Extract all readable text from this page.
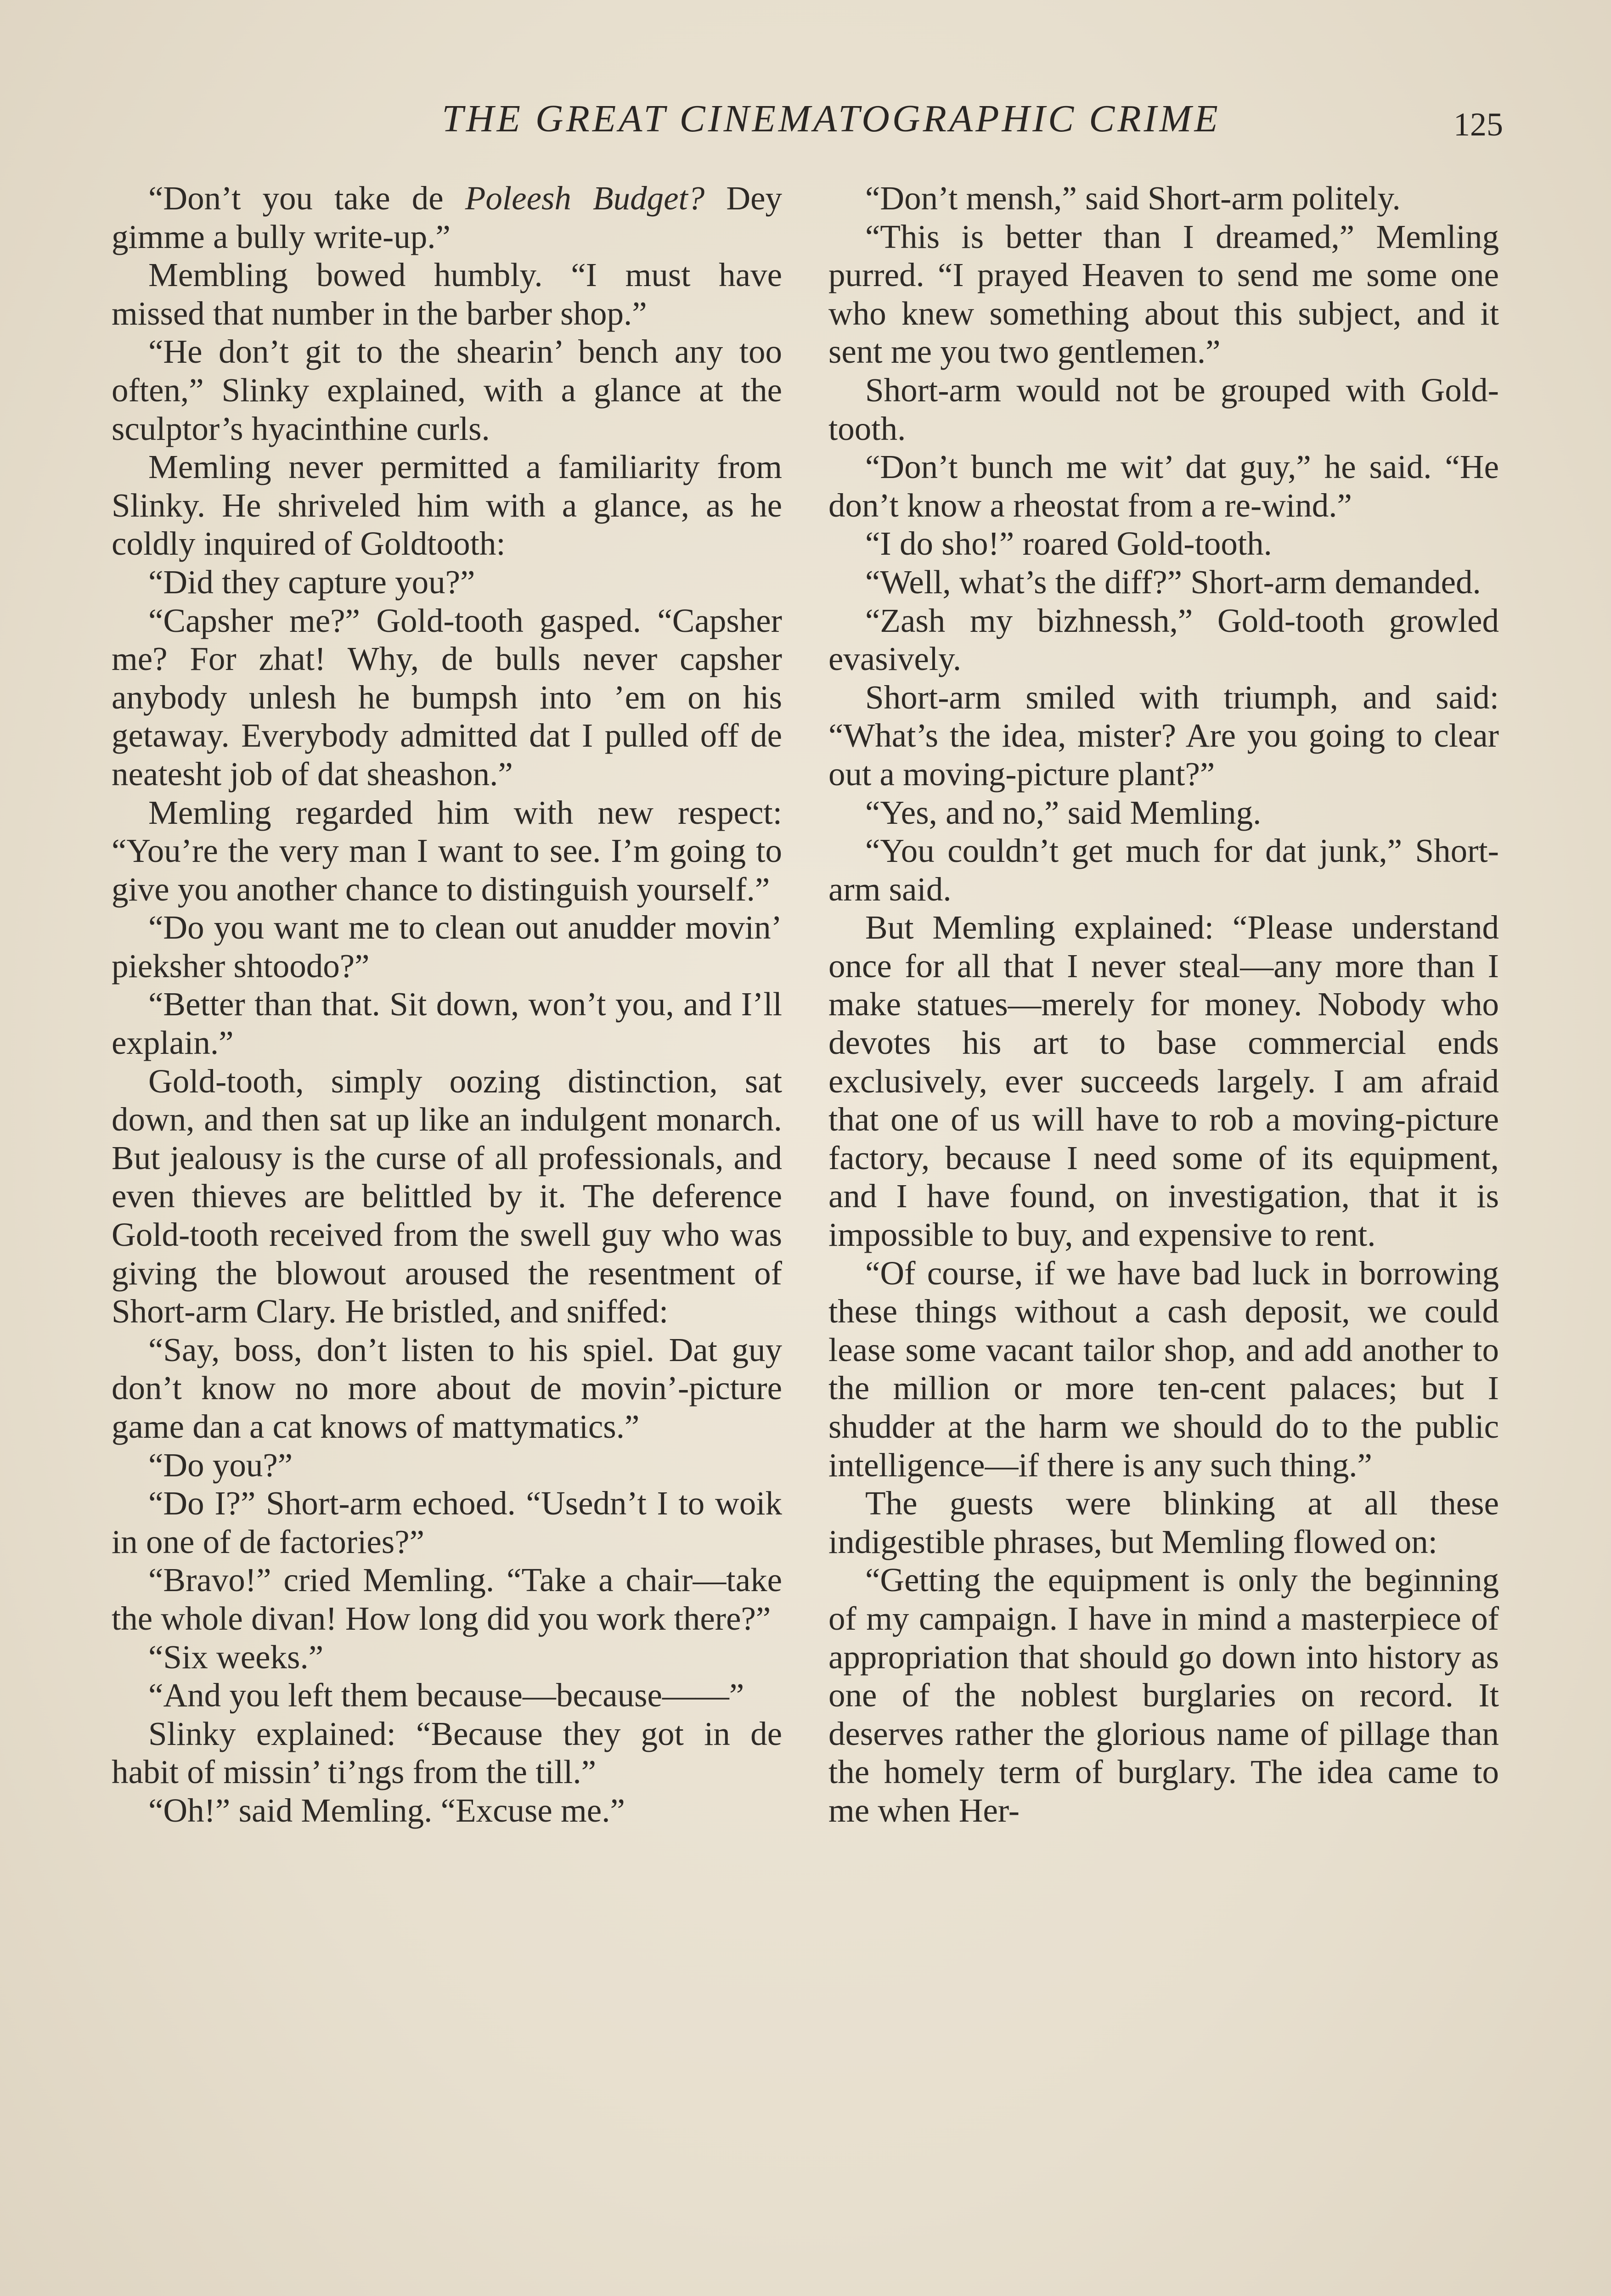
THE GREAT CINEMATOGRAPHIC CRIME	125

“Don’t you take de Poleesh Budget? Dey gimme a bully write-up.”

Membling bowed humbly. “I must have missed that number in the barber shop.”

“He don’t git to the shearin’ bench any too often,” Slinky explained, with a glance at the sculptor’s hyacinthine curls.

Memling never permitted a familiarity from Slinky. He shriveled him with a glance, as he coldly inquired of Goldtooth:

“Did they capture you?”

“Capsher me?” Gold-tooth gasped. “Capsher me? For zhat! Why, de bulls never capsher anybody unlesh he bumpsh into ’em on his getaway. Everybody admitted dat I pulled off de neatesht job of dat sheashon.”

Memling regarded him with new respect: “You’re the very man I want to see. I’m going to give you another chance to distinguish yourself.”

“Do you want me to clean out anudder movin’ pieksher shtoodo?”

“Better than that. Sit down, won’t you, and I’ll explain.”

Gold-tooth, simply oozing distinction, sat down, and then sat up like an indulgent monarch. But jealousy is the curse of all professionals, and even thieves are belittled by it. The deference Gold-tooth received from the swell guy who was giving the blowout aroused the resentment of Short-arm Clary. He bristled, and sniffed:

“Say, boss, don’t listen to his spiel. Dat guy don’t know no more about de movin’-picture game dan a cat knows of mattymatics.”

“Do you?”

“Do I?” Short-arm echoed. “Usedn’t I to woik in one of de factories?”

“Bravo!” cried Memling. “Take a chair—take the whole divan! How long did you work there?”

“Six weeks.”

“And you left them because—because——”

Slinky explained: “Because they got in de habit of missin’ ti’ngs from the till.”

“Oh!” said Memling. “Excuse me.”

“Don’t mensh,” said Short-arm politely.

“This is better than I dreamed,” Memling purred. “I prayed Heaven to send me some one who knew something about this subject, and it sent me you two gentlemen.”

Short-arm would not be grouped with Gold-tooth.

“Don’t bunch me wit’ dat guy,” he said. “He don’t know a rheostat from a re-wind.”

“I do sho!” roared Gold-tooth.

“Well, what’s the diff?” Short-arm demanded.

“Zash my bizhnessh,” Gold-tooth growled evasively.

Short-arm smiled with triumph, and said: “What’s the idea, mister? Are you going to clear out a moving-picture plant?”

“Yes, and no,” said Memling.

“You couldn’t get much for dat junk,” Short-arm said.

But Memling explained: “Please understand once for all that I never steal—any more than I make statues—merely for money. Nobody who devotes his art to base commercial ends exclusively, ever succeeds largely. I am afraid that one of us will have to rob a moving-picture factory, because I need some of its equipment, and I have found, on investigation, that it is impossible to buy, and expensive to rent.

“Of course, if we have bad luck in borrowing these things without a cash deposit, we could lease some vacant tailor shop, and add another to the million or more ten-cent palaces; but I shudder at the harm we should do to the public intelligence—if there is any such thing.”

The guests were blinking at all these indigestible phrases, but Memling flowed on:

“Getting the equipment is only the beginning of my campaign. I have in mind a masterpiece of appropriation that should go down into history as one of the noblest burglaries on record. It deserves rather the glorious name of pillage than the homely term of burglary. The idea came to me when Her-
